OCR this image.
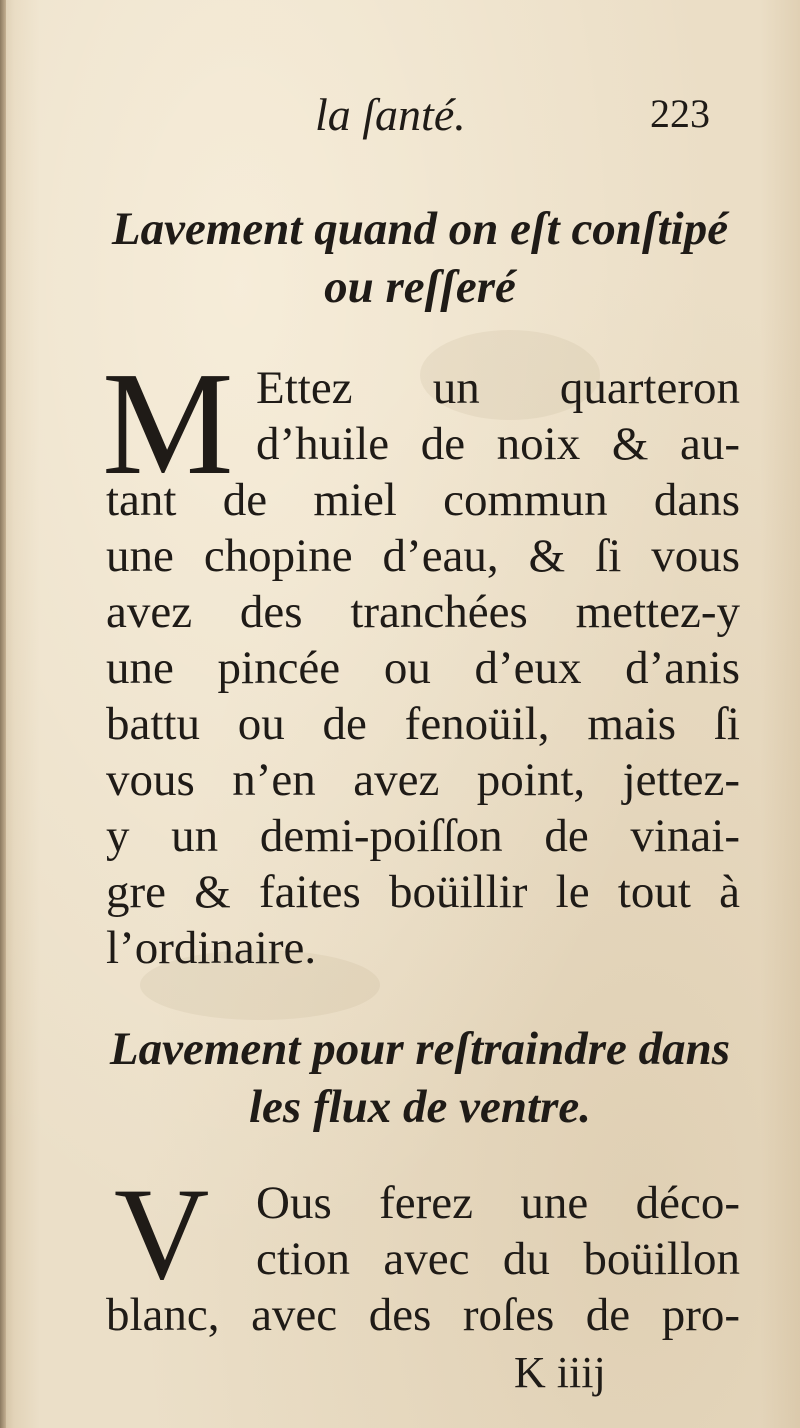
la ſanté.	223
Lavement quand on eſt conſtipé
ou reſſeré
M Ettez un quarteron
d’huile de noix & au-
tant de miel commun dans
une chopine d’eau, & ſi vous
avez des tranchées mettez-y
une pincée ou d’eux d’anis
battu ou de fenoüil, mais ſi
vous n’en avez point, jettez-
y un demi-poiſſon de vinai-
gre & faites boüillir le tout à
l’ordinaire.
Lavement pour reſtraindre dans
les flux de ventre.
V Ous ferez une déco-
ction avec du boüillon
blanc, avec des roſes de pro-
K iiij
